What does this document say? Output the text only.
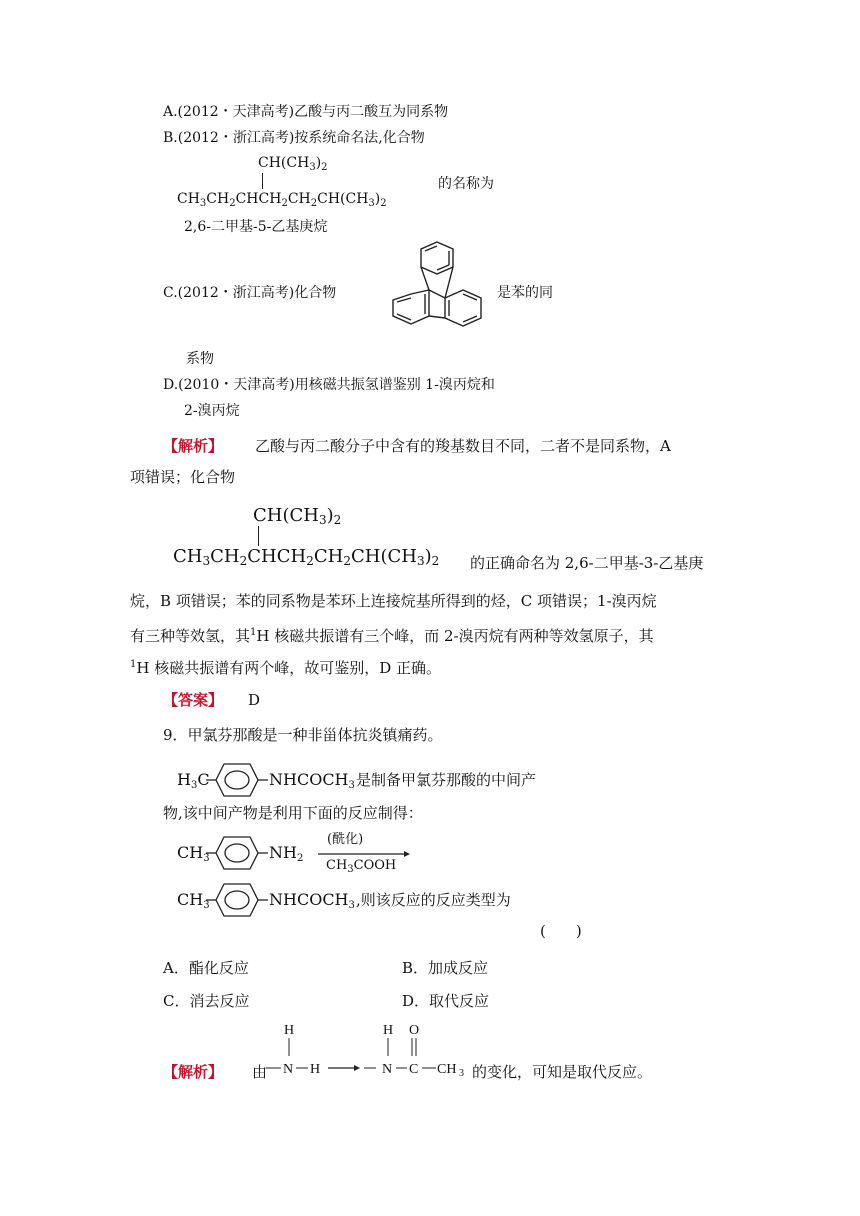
A.(2012・天津高考)乙酸与丙二酸互为同系物
B.(2012・浙江高考)按系统命名法,化合物
$CH(CH_3)_2$
$CH_3CH_2CHCH_2CH_2CH(CH_3)_2$
的名称为
2,6-二甲基-5-乙基庚烷
C.(2012・浙江高考)化合物	是苯的同
系物
D.(2010・天津高考)用核磁共振氢谱鉴别 1-溴丙烷和
2-溴丙烷
【解析】 乙酸与丙二酸分子中含有的羧基数目不同，二者不是同系物，A
项错误；化合物
$CH(CH_3)_2$
$CH_3CH_2CHCH_2CH_2CH(CH_3)_2$ 的正确命名为 2,6-二甲基-3-乙基庚
烷，B 项错误；苯的同系物是苯环上连接烷基所得到的烃，C 项错误；1-溴丙烷
有三种等效氢，其$^1$H 核磁共振谱有三个峰，而 2-溴丙烷有两种等效氢原子，其
$^1$H 核磁共振谱有两个峰，故可鉴别，D 正确。
【答案】 D
9．甲氯芬那酸是一种非甾体抗炎镇痛药。
$H_3C$	$NHCOCH_3$ 是制备甲氯芬那酸的中间产
物,该中间产物是利用下面的反应制得：
$CH_3$	$NH_2$
(酰化)
$CH_3COOH$
$CH_3$	$NHCOCH_3$ ,则该反应的反应类型为
(　　)
A．酯化反应	B．加成反应
C．消去反应	D．取代反应
【解析】 由
H
N H
H
N
O
C CH 3 的变化，可知是取代反应。
